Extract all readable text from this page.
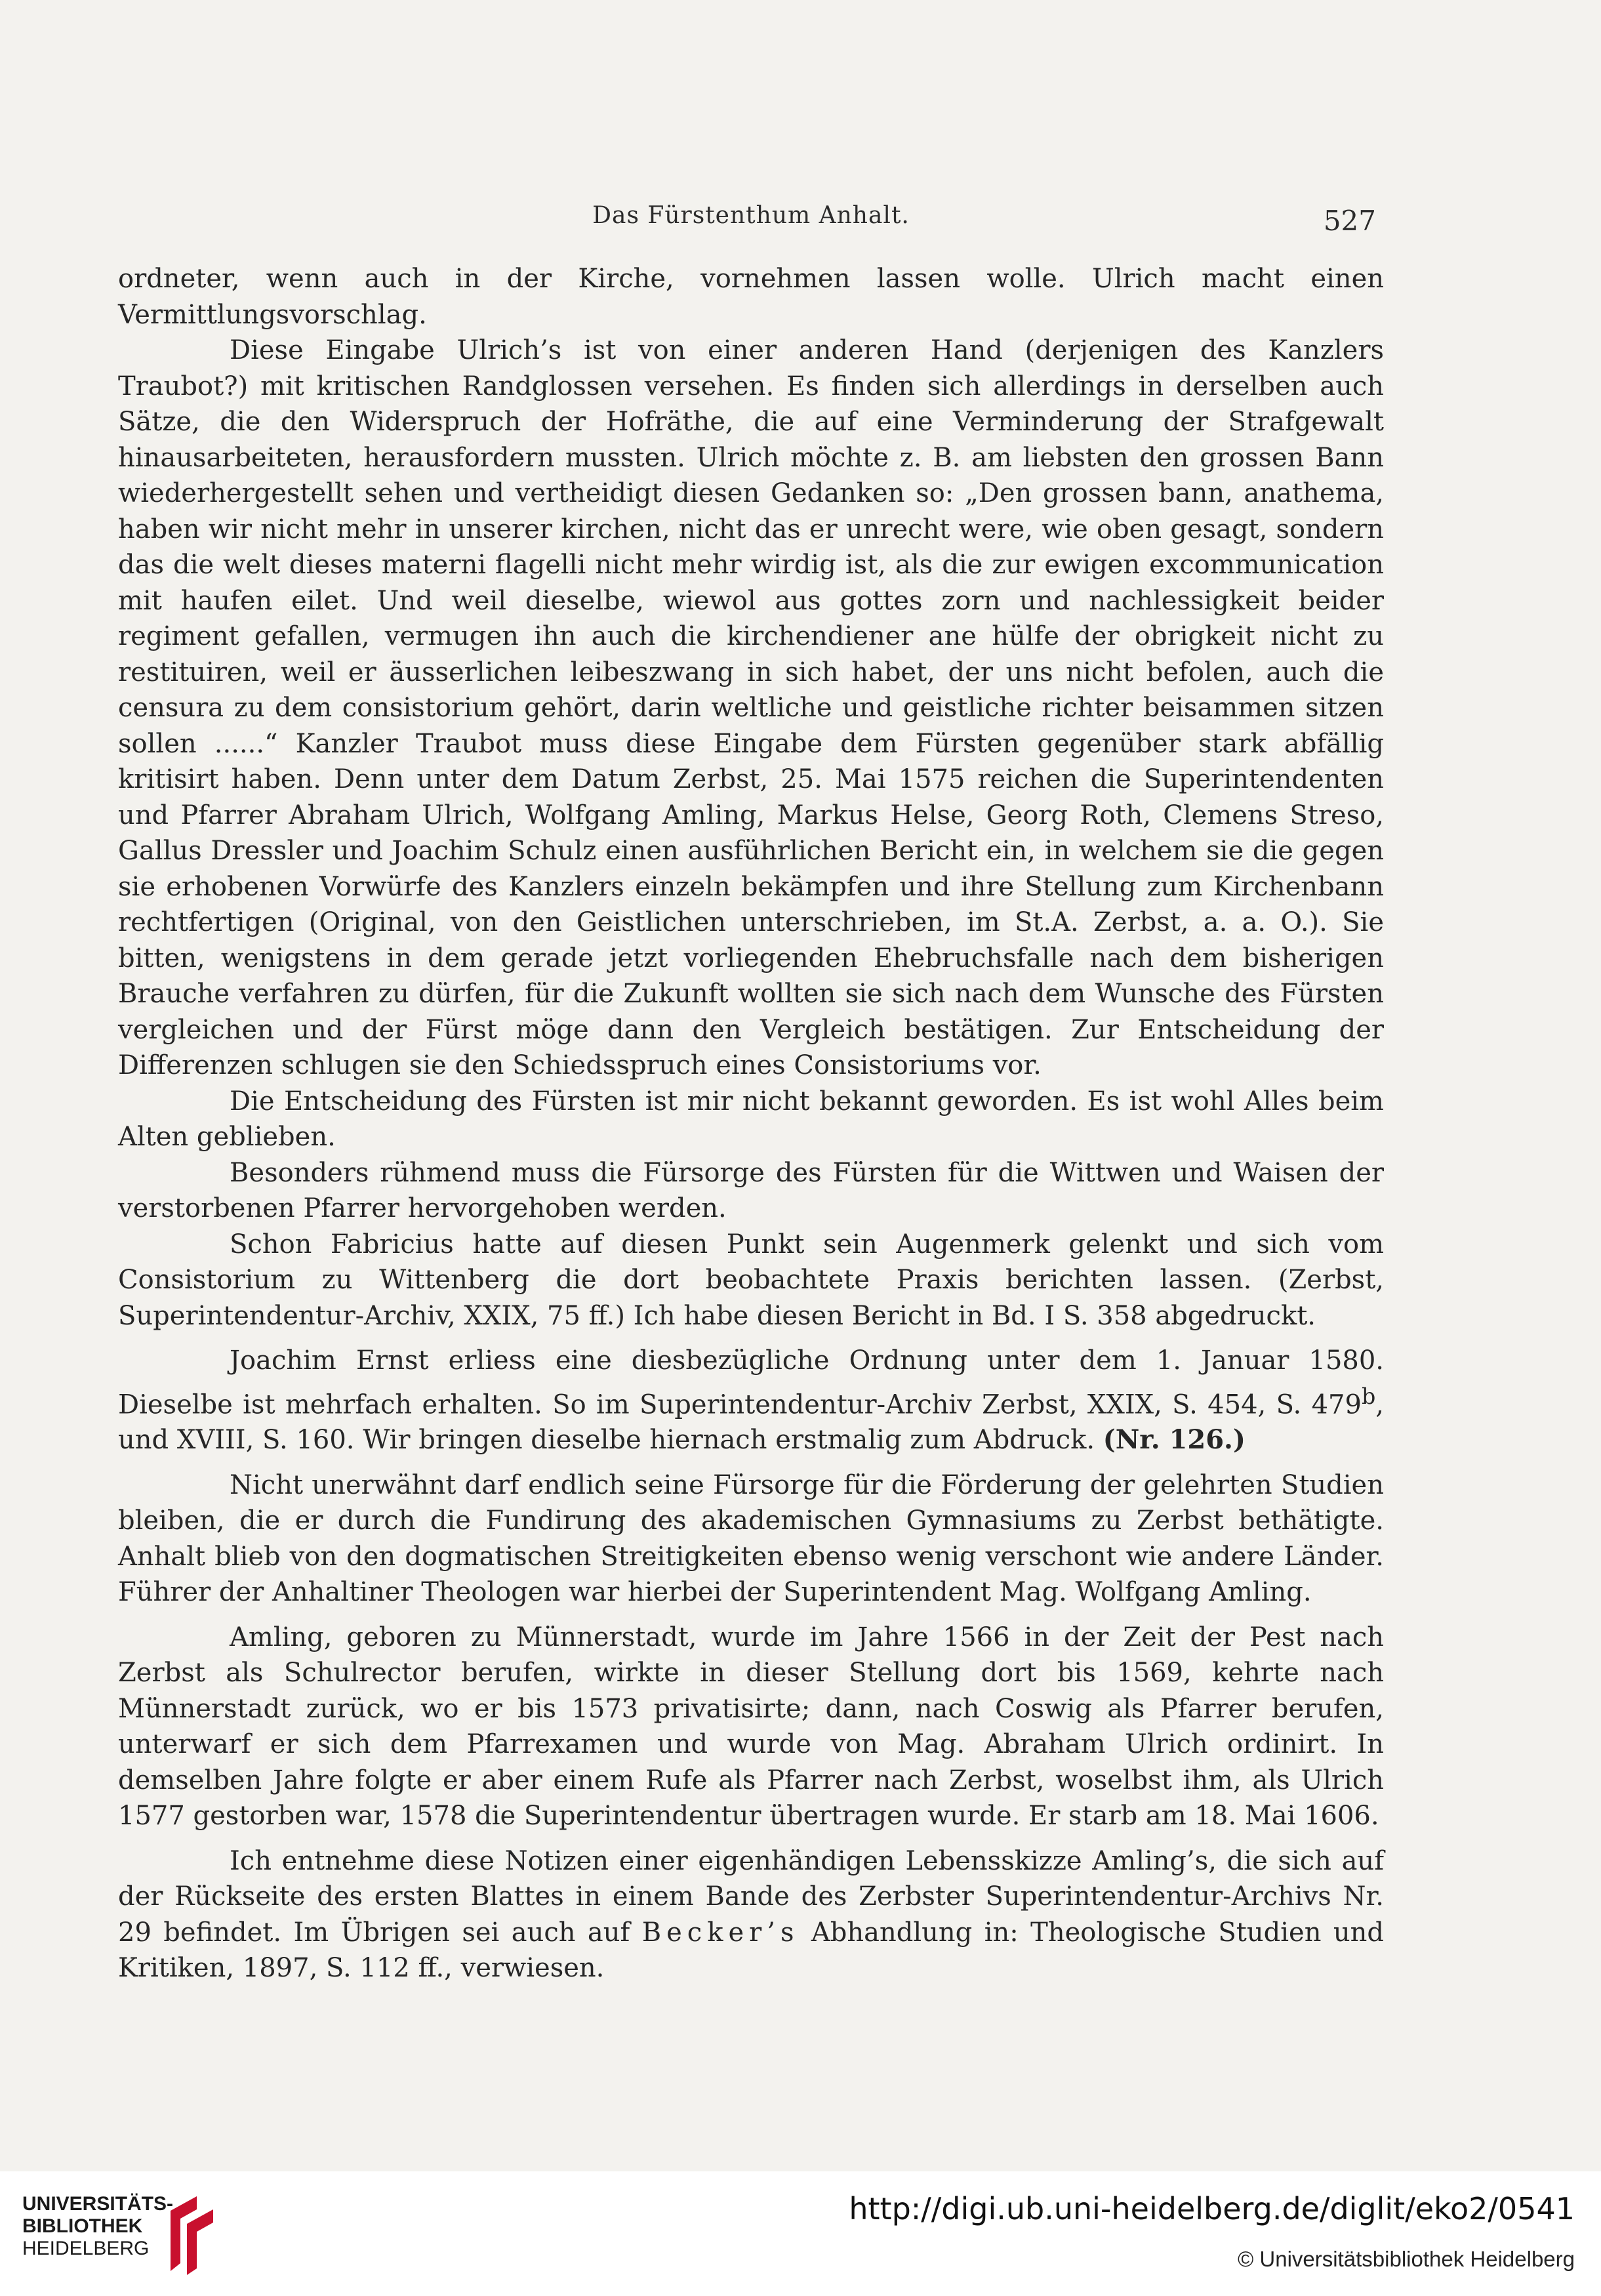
Das Fürstenthum Anhalt.	527

ordneter, wenn auch in der Kirche, vornehmen lassen wolle. Ulrich macht einen Vermittlungsvorschlag.

Diese Eingabe Ulrich’s ist von einer anderen Hand (derjenigen des Kanzlers Traubot?) mit kritischen Randglossen versehen. Es finden sich allerdings in derselben auch Sätze, die den Widerspruch der Hofräthe, die auf eine Verminderung der Strafgewalt hinausarbeiteten, herausfordern mussten. Ulrich möchte z. B. am liebsten den grossen Bann wiederhergestellt sehen und vertheidigt diesen Gedanken so: „Den grossen bann, anathema, haben wir nicht mehr in unserer kirchen, nicht das er unrecht were, wie oben gesagt, sondern das die welt dieses materni flagelli nicht mehr wirdig ist, als die zur ewigen excommunication mit haufen eilet. Und weil dieselbe, wiewol aus gottes zorn und nachlessigkeit beider regiment gefallen, vermugen ihn auch die kirchendiener ane hülfe der obrigkeit nicht zu restituiren, weil er äusserlichen leibeszwang in sich habet, der uns nicht befolen, auch die censura zu dem consistorium gehört, darin weltliche und geistliche richter beisammen sitzen sollen ......“ Kanzler Traubot muss diese Eingabe dem Fürsten gegenüber stark abfällig kritisirt haben. Denn unter dem Datum Zerbst, 25. Mai 1575 reichen die Superintendenten und Pfarrer Abraham Ulrich, Wolfgang Amling, Markus Helse, Georg Roth, Clemens Streso, Gallus Dressler und Joachim Schulz einen ausführlichen Bericht ein, in welchem sie die gegen sie erhobenen Vorwürfe des Kanzlers einzeln bekämpfen und ihre Stellung zum Kirchenbann rechtfertigen (Original, von den Geistlichen unterschrieben, im St.A. Zerbst, a. a. O.). Sie bitten, wenigstens in dem gerade jetzt vorliegenden Ehebruchsfalle nach dem bisherigen Brauche verfahren zu dürfen, für die Zukunft wollten sie sich nach dem Wunsche des Fürsten vergleichen und der Fürst möge dann den Vergleich bestätigen. Zur Entscheidung der Differenzen schlugen sie den Schiedsspruch eines Consistoriums vor.

Die Entscheidung des Fürsten ist mir nicht bekannt geworden. Es ist wohl Alles beim Alten geblieben.

Besonders rühmend muss die Fürsorge des Fürsten für die Wittwen und Waisen der verstorbenen Pfarrer hervorgehoben werden.

Schon Fabricius hatte auf diesen Punkt sein Augenmerk gelenkt und sich vom Consistorium zu Wittenberg die dort beobachtete Praxis berichten lassen. (Zerbst, Superintendentur-Archiv, XXIX, 75 ff.) Ich habe diesen Bericht in Bd. I S. 358 abgedruckt.

Joachim Ernst erliess eine diesbezügliche Ordnung unter dem 1. Januar 1580. Dieselbe ist mehrfach erhalten. So im Superintendentur-Archiv Zerbst, XXIX, S. 454, S. 479$^b$, und XVIII, S. 160. Wir bringen dieselbe hiernach erstmalig zum Abdruck. (Nr. 126.)

Nicht unerwähnt darf endlich seine Fürsorge für die Förderung der gelehrten Studien bleiben, die er durch die Fundirung des akademischen Gymnasiums zu Zerbst bethätigte. Anhalt blieb von den dogmatischen Streitigkeiten ebenso wenig verschont wie andere Länder. Führer der Anhaltiner Theologen war hierbei der Superintendent Mag. Wolfgang Amling.

Amling, geboren zu Münnerstadt, wurde im Jahre 1566 in der Zeit der Pest nach Zerbst als Schulrector berufen, wirkte in dieser Stellung dort bis 1569, kehrte nach Münnerstadt zurück, wo er bis 1573 privatisirte; dann, nach Coswig als Pfarrer berufen, unterwarf er sich dem Pfarrexamen und wurde von Mag. Abraham Ulrich ordinirt. In demselben Jahre folgte er aber einem Rufe als Pfarrer nach Zerbst, woselbst ihm, als Ulrich 1577 gestorben war, 1578 die Superintendentur übertragen wurde. Er starb am 18. Mai 1606.

Ich entnehme diese Notizen einer eigenhändigen Lebensskizze Amling’s, die sich auf der Rückseite des ersten Blattes in einem Bande des Zerbster Superintendentur-Archivs Nr. 29 befindet. Im Übrigen sei auch auf Becker’s Abhandlung in: Theologische Studien und Kritiken, 1897, S. 112 ff., verwiesen.

UNIVERSITÄTS-
BIBLIOTHEK
HEIDELBERG
http://digi.ub.uni-heidelberg.de/diglit/eko2/0541
© Universitätsbibliothek Heidelberg
